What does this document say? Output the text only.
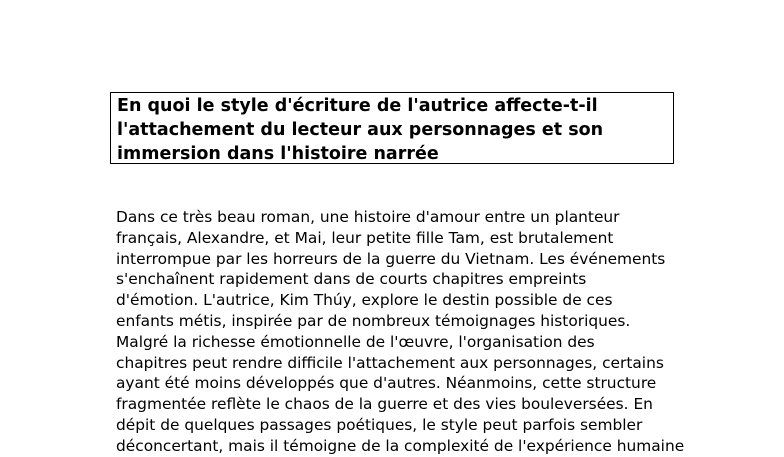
En quoi le style d'écriture de l'autrice affecte-t-il
l'attachement du lecteur aux personnages et son
immersion dans l'histoire narrée
Dans ce très beau roman, une histoire d'amour entre un planteur
français, Alexandre, et Mai, leur petite fille Tam, est brutalement
interrompue par les horreurs de la guerre du Vietnam. Les événements
s'enchaînent rapidement dans de courts chapitres empreints
d'émotion. L'autrice, Kim Thúy, explore le destin possible de ces
enfants métis, inspirée par de nombreux témoignages historiques.
Malgré la richesse émotionnelle de l'œuvre, l'organisation des
chapitres peut rendre difficile l'attachement aux personnages, certains
ayant été moins développés que d'autres. Néanmoins, cette structure
fragmentée reflète le chaos de la guerre et des vies bouleversées. En
dépit de quelques passages poétiques, le style peut parfois sembler
déconcertant, mais il témoigne de la complexité de l'expérience humaine
